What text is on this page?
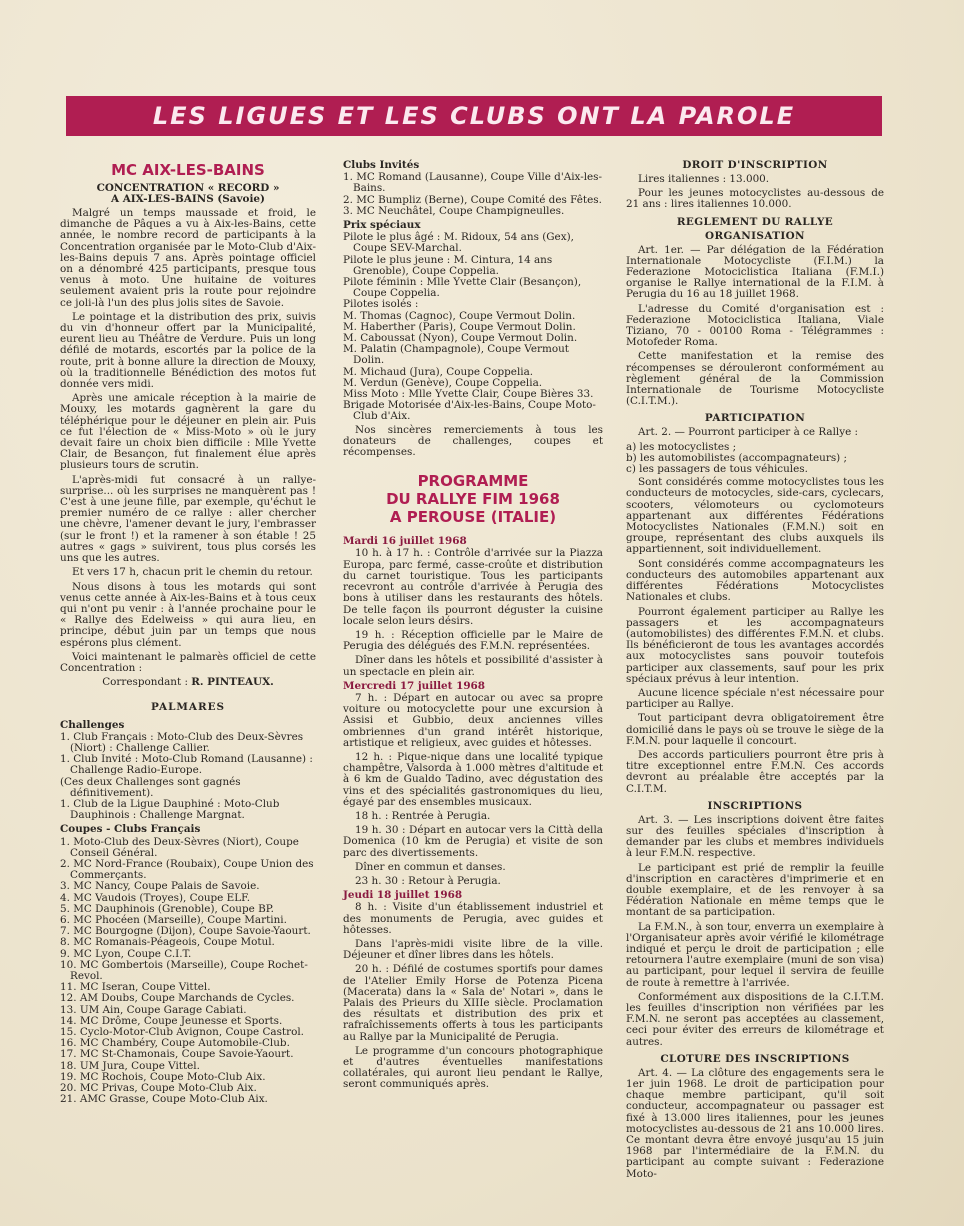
LES LIGUES ET LES CLUBS ONT LA PAROLE
MC AIX-LES-BAINS
CONCENTRATION « RECORD »
A AIX-LES-BAINS (Savoie)

Malgré un temps maussade et froid, le dimanche de Pâques a vu à Aix-les-Bains, cette année, le nombre record de participants à la Concentration organisée par le Moto-Club d'Aix-les-Bains depuis 7 ans. Après pointage officiel on a dénombré 425 participants, presque tous venus à moto. Une huitaine de voitures seulement avaient pris la route pour rejoindre ce joli-là l'un des plus jolis sites de Savoie.

Le pointage et la distribution des prix, suivis du vin d'honneur offert par la Municipalité, eurent lieu au Théâtre de Verdure. Puis un long défilé de motards, escortés par la police de la route, prit à bonne allure la direction de Mouxy, où la traditionnelle Bénédiction des motos fut donnée vers midi.

Après une amicale réception à la mairie de Mouxy, les motards gagnèrent la gare du téléphérique pour le déjeuner en plein air. Puis ce fut l'élection de « Miss-Moto » où le jury devait faire un choix bien difficile : Mlle Yvette Clair, de Besançon, fut finalement élue après plusieurs tours de scrutin.

L'après-midi fut consacré à un rallye-surprise... où les surprises ne manquèrent pas ! C'est à une jeune fille, par exemple, qu'échut le premier numéro de ce rallye : aller chercher une chèvre, l'amener devant le jury, l'embrasser (sur le front !) et la ramener à son étable ! 25 autres « gags » suivirent, tous plus corsés les uns que les autres.

Et vers 17 h, chacun prit le chemin du retour.

Nous disons à tous les motards qui sont venus cette année à Aix-les-Bains et à tous ceux qui n'ont pu venir : à l'année prochaine pour le « Rallye des Edelweiss » qui aura lieu, en principe, début juin par un temps que nous espérons plus clément.

Voici maintenant le palmarès officiel de cette Concentration :

Correspondant : R. PINTEAUX.
PALMARES
Challenges
1. Club Français : Moto-Club des Deux-Sèvres (Niort) : Challenge Callier.
1. Club Invité : Moto-Club Romand (Lausanne) : Challenge Radio-Europe.
(Ces deux Challenges sont gagnés définitivement).
1. Club de la Ligue Dauphiné : Moto-Club Dauphinois : Challenge Margnat.
Coupes - Clubs Français
1. Moto-Club des Deux-Sèvres (Niort), Coupe Conseil Général.
2. MC Nord-France (Roubaix), Coupe Union des Commerçants.
3. MC Nancy, Coupe Palais de Savoie.
4. MC Vaudois (Troyes), Coupe ELF.
5. MC Dauphinois (Grenoble), Coupe BP.
6. MC Phocéen (Marseille), Coupe Martini.
7. MC Bourgogne (Dijon), Coupe Savoie-Yaourt.
8. MC Romanais-Péageois, Coupe Motul.
9. MC Lyon, Coupe C.I.T.
10. MC Gombertois (Marseille), Coupe Rochet-Revol.
11. MC Iseran, Coupe Vittel.
12. AM Doubs, Coupe Marchands de Cycles.
13. UM Ain, Coupe Garage Cabiati.
14. MC Drôme, Coupe Jeunesse et Sports.
15. Cyclo-Motor-Club Avignon, Coupe Castrol.
16. MC Chambéry, Coupe Automobile-Club.
17. MC St-Chamonais, Coupe Savoie-Yaourt.
18. UM Jura, Coupe Vittel.
19. MC Rochois, Coupe Moto-Club Aix.
20. MC Privas, Coupe Moto-Club Aix.
21. AMC Grasse, Coupe Moto-Club Aix.
Clubs Invités
1. MC Romand (Lausanne), Coupe Ville d'Aix-les-Bains.
2. MC Bumpliz (Berne), Coupe Comité des Fêtes.
3. MC Neuchâtel, Coupe Champigneulles.
Prix spéciaux
Pilote le plus âgé : M. Ridoux, 54 ans (Gex), Coupe SEV-Marchal.
Pilote le plus jeune : M. Cintura, 14 ans Grenoble), Coupe Coppelia.
Pilote féminin : Mlle Yvette Clair (Besançon), Coupe Coppelia.
Pilotes isolés :
M. Thomas (Cagnoc), Coupe Vermout Dolin.
M. Haberther (Paris), Coupe Vermout Dolin.
M. Caboussat (Nyon), Coupe Vermout Dolin.
M. Palatin (Champagnole), Coupe Vermout Dolin.
M. Michaud (Jura), Coupe Coppelia.
M. Verdun (Genève), Coupe Coppelia.
Miss Moto : Mlle Yvette Clair, Coupe Bières 33.
Brigade Motorisée d'Aix-les-Bains, Coupe Moto-Club d'Aix.

Nos sincères remerciements à tous les donateurs de challenges, coupes et récompenses.

PROGRAMME
DU RALLYE FIM 1968
A PEROUSE (ITALIE)
Mardi 16 juillet 1968

10 h. à 17 h. : Contrôle d'arrivée sur la Piazza Europa, parc fermé, casse-croûte et distribution du carnet touristique. Tous les participants recevront au contrôle d'arrivée à Perugia des bons à utiliser dans les restaurants des hôtels. De telle façon ils pourront déguster la cuisine locale selon leurs désirs.

19 h. : Réception officielle par le Maire de Perugia des délégués des F.M.N. représentées.

Dîner dans les hôtels et possibilité d'assister à un spectacle en plein air.

Mercredi 17 juillet 1968

7 h. : Départ en autocar ou avec sa propre voiture ou motocyclette pour une excursion à Assisi et Gubbio, deux anciennes villes ombriennes d'un grand intérêt historique, artistique et religieux, avec guides et hôtesses.

12 h. : Pique-nique dans une localité typique champêtre, Valsorda à 1.000 mètres d'altitude et à 6 km de Gualdo Tadino, avec dégustation des vins et des spécialités gastronomiques du lieu, égayé par des ensembles musicaux.

18 h. : Rentrée à Perugia.

19 h. 30 : Départ en autocar vers la Città della Domenica (10 km de Perugia) et visite de son parc des divertissements.

Dîner en commun et danses.

23 h. 30 : Retour à Perugia.

Jeudi 18 juillet 1968

8 h. : Visite d'un établissement industriel et des monuments de Perugia, avec guides et hôtesses.

Dans l'après-midi visite libre de la ville. Déjeuner et dîner libres dans les hôtels.

20 h. : Défilé de costumes sportifs pour dames de l'Atelier Emily Horse de Potenza Picena (Macerata) dans la « Sala de' Notari », dans le Palais des Prieurs du XIIIe siècle. Proclamation des résultats et distribution des prix et rafraîchissements offerts à tous les participants au Rallye par la Municipalité de Perugia.

Le programme d'un concours photographique et d'autres éventuelles manifestations collatérales, qui auront lieu pendant le Rallye, seront communiqués après.

DROIT D'INSCRIPTION

Lires italiennes : 13.000.

Pour les jeunes motocyclistes au-dessous de 21 ans : lires italiennes 10.000.

REGLEMENT DU RALLYE
ORGANISATION

Art. 1er. — Par délégation de la Fédération Internationale Motocycliste (F.I.M.) la Federazione Motociclistica Italiana (F.M.I.) organise le Rallye international de la F.I.M. à Perugia du 16 au 18 juillet 1968.

L'adresse du Comité d'organisation est : Federazione Motociclistica Italiana, Viale Tiziano, 70 - 00100 Roma - Télégrammes : Motofeder Roma.

Cette manifestation et la remise des récompenses se dérouleront conformément au règlement général de la Commission Internationale de Tourisme Motocycliste (C.I.T.M.).

PARTICIPATION

Art. 2. — Pourront participer à ce Rallye :

a) les motocyclistes ;
b) les automobilistes (accompagnateurs) ;
c) les passagers de tous véhicules.

Sont considérés comme motocyclistes tous les conducteurs de motocycles, side-cars, cyclecars, scooters, vélomoteurs ou cyclomoteurs appartenant aux différentes Fédérations Motocyclistes Nationales (F.M.N.) soit en groupe, représentant des clubs auxquels ils appartiennent, soit individuellement.

Sont considérés comme accompagnateurs les conducteurs des automobiles appartenant aux différentes Fédérations Motocyclistes Nationales et clubs.

Pourront également participer au Rallye les passagers et les accompagnateurs (automobilistes) des différentes F.M.N. et clubs. Ils bénéficieront de tous les avantages accordés aux motocyclistes sans pouvoir toutefois participer aux classements, sauf pour les prix spéciaux prévus à leur intention.

Aucune licence spéciale n'est nécessaire pour participer au Rallye.

Tout participant devra obligatoirement être domicilié dans le pays où se trouve le siège de la F.M.N. pour laquelle il concourt.

Des accords particuliers pourront être pris à titre exceptionnel entre F.M.N. Ces accords devront au préalable être acceptés par la C.I.T.M.

INSCRIPTIONS

Art. 3. — Les inscriptions doivent être faites sur des feuilles spéciales d'inscription à demander par les clubs et membres individuels à leur F.M.N. respective.

Le participant est prié de remplir la feuille d'inscription en caractères d'imprimerie et en double exemplaire, et de les renvoyer à sa Fédération Nationale en même temps que le montant de sa participation.

La F.M.N., à son tour, enverra un exemplaire à l'Organisateur après avoir vérifié le kilométrage indiqué et perçu le droit de participation ; elle retournera l'autre exemplaire (muni de son visa) au participant, pour lequel il servira de feuille de route à remettre à l'arrivée.

Conformément aux dispositions de la C.I.T.M. les feuilles d'inscription non vérifiées par les F.M.N. ne seront pas acceptées au classement, ceci pour éviter des erreurs de kilométrage et autres.

CLOTURE DES INSCRIPTIONS

Art. 4. — La clôture des engagements sera le 1er juin 1968. Le droit de participation pour chaque membre participant, qu'il soit conducteur, accompagnateur ou passager est fixé à 13.000 lires italiennes, pour les jeunes motocyclistes au-dessous de 21 ans 10.000 lires. Ce montant devra être envoyé jusqu'au 15 juin 1968 par l'intermédiaire de la F.M.N. du participant au compte suivant : Federazione Moto-
